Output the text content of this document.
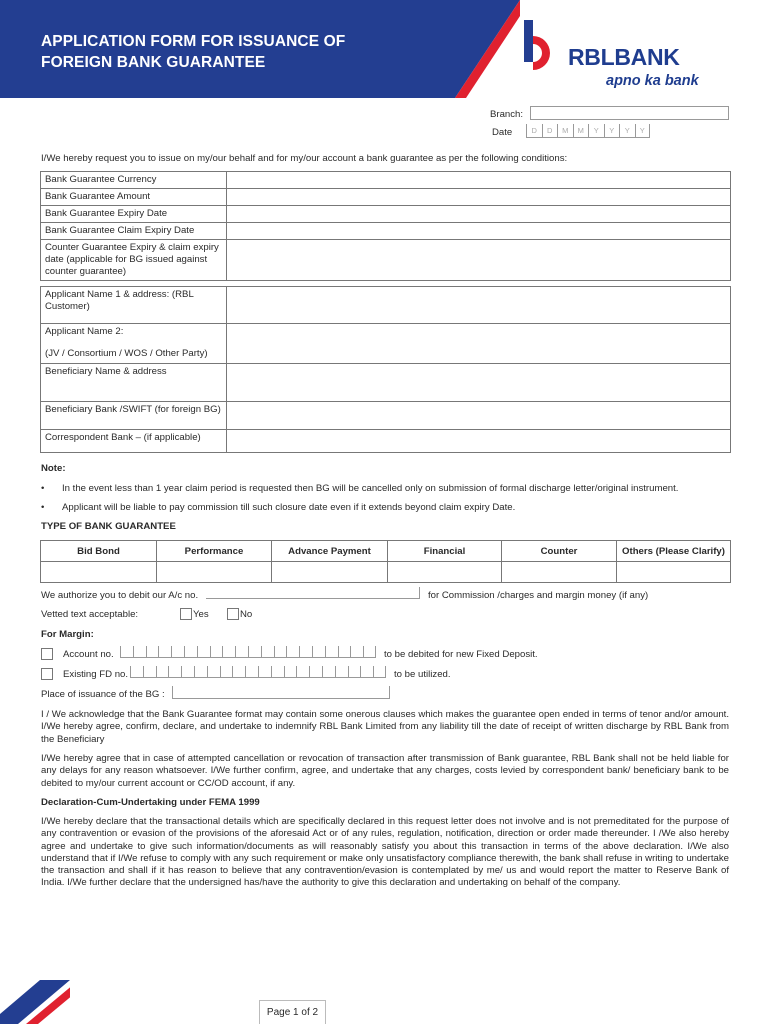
APPLICATION FORM FOR ISSUANCE OF
FOREIGN BANK GUARANTEE	RBLBANK
apno ka bank
Branch:
Date	D	D	M	M	Y	Y	Y	Y
I/We hereby request you to issue on my/our behalf and for my/our account a bank guarantee as per the following conditions:
Bank Guarantee Currency	
Bank Guarantee Amount	
Bank Guarantee Expiry Date	
Bank Guarantee Claim Expiry Date	
Counter Guarantee Expiry & claim expiry date (applicable for BG issued against counter guarantee)	
Applicant Name 1 & address: (RBL Customer)	

Applicant Name 2:
(JV / Consortium / WOS / Other Party)	

Beneficiary Name & address	
Beneficiary Bank /SWIFT (for foreign BG)	
Correspondent Bank – (if applicable)	
Note:
• In the event less than 1 year claim period is requested then BG will be cancelled only on submission of formal discharge letter/original instrument.
• Applicant will be liable to pay commission till such closure date even if it extends beyond claim expiry Date.
TYPE OF BANK GUARANTEE
Bid Bond	Performance	Advance Payment	Financial	Counter	Others (Please Clarify)

We authorize you to debit our A/c no.	for Commission /charges and margin money (if any)
Vetted text acceptable:	Yes	No
For Margin:
Account no.	to be debited for new Fixed Deposit.
Existing FD no.	to be utilized.
Place of issuance of the BG :
I / We acknowledge that the Bank Guarantee format may contain some onerous clauses which makes the guarantee open ended in terms of tenor and/or amount. I/We hereby agree, confirm, declare, and undertake to indemnify RBL Bank Limited from any liability till the date of receipt of written discharge by RBL Bank from the Beneficiary
I/We hereby agree that in case of attempted cancellation or revocation of transaction after transmission of Bank guarantee, RBL Bank shall not be held liable for any delays for any reason whatsoever. I/We further confirm, agree, and undertake that any charges, costs levied by correspondent bank/ beneficiary bank to be debited to my/our current account or CC/OD account, if any.
Declaration-Cum-Undertaking under FEMA 1999
I/We hereby declare that the transactional details which are specifically declared in this request letter does not involve and is not premeditated for the purpose of any contravention or evasion of the provisions of the aforesaid Act or of any rules, regulation, notification, direction or order made thereunder. I /We also hereby agree and undertake to give such information/documents as will reasonably satisfy you about this transaction in terms of the above declaration. I/We also understand that if I/We refuse to comply with any such requirement or make only unsatisfactory compliance therewith, the bank shall refuse in writing to undertake the transaction and shall if it has reason to believe that any contravention/evasion is contemplated by me/ us and would report the matter to Reserve Bank of India. I/We further declare that the undersigned has/have the authority to give this declaration and undertaking on behalf of the company.
Page 1 of 2
